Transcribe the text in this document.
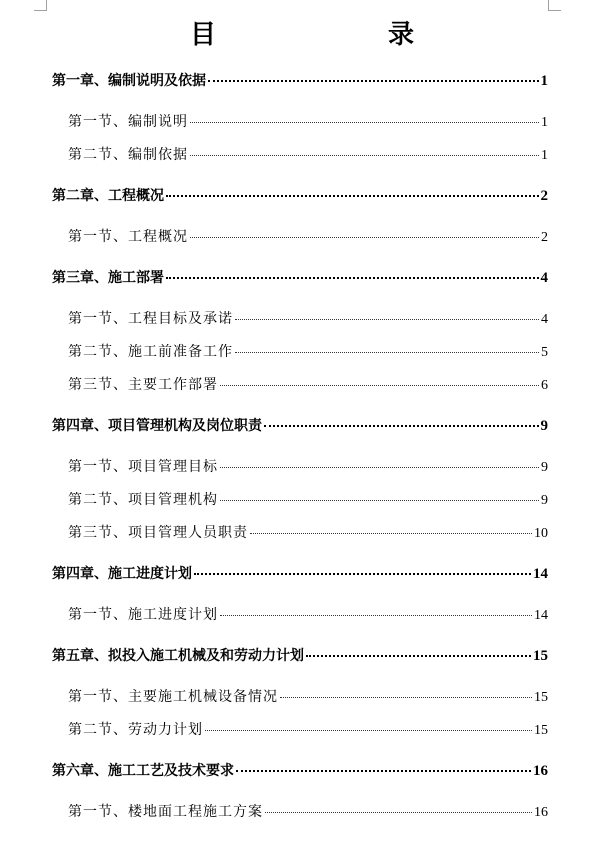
目　　录
第一章、编制说明及依据	1
第一节、编制说明	1
第二节、编制依据	1
第二章、工程概况	2
第一节、工程概况	2
第三章、施工部署	4
第一节、工程目标及承诺	4
第二节、施工前准备工作	5
第三节、主要工作部署	6
第四章、项目管理机构及岗位职责	9
第一节、项目管理目标	9
第二节、项目管理机构	9
第三节、项目管理人员职责	10
第四章、施工进度计划	14
第一节、施工进度计划	14
第五章、拟投入施工机械及和劳动力计划	15
第一节、主要施工机械设备情况	15
第二节、劳动力计划	15
第六章、施工工艺及技术要求	16
第一节、楼地面工程施工方案	16
